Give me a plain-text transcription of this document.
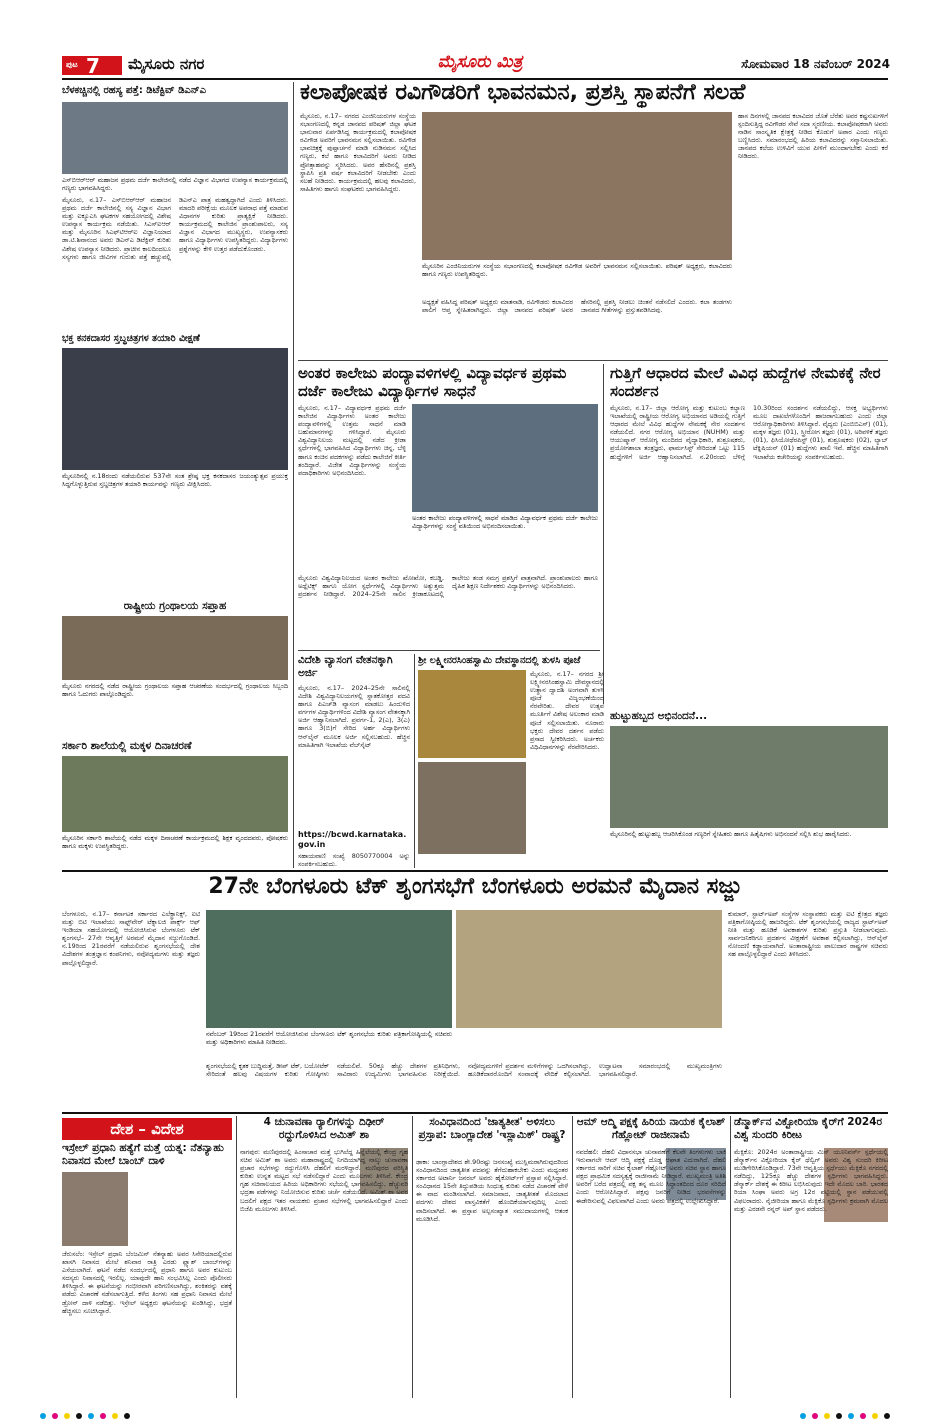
ಪುಟ 7 ಮೈಸೂರು ನಗರ	ಮೈಸೂರು ಮಿತ್ರ	ಸೋಮವಾರ 18 ನವೆಂಬರ್ 2024
ಬೆಳಕಚ್ಚಿನಲ್ಲಿ ರಹಸ್ಯ ಪತ್ತೆ: ಡಿಟೆಕ್ಟಿವ್ ಡಿಎನ್‌ಎ
ಎಸ್‌ಬಿಆರ್‌ಆರ್ ಮಹಾಜನ ಪ್ರಥಮ ದರ್ಜೆ ಕಾಲೇಜಿನಲ್ಲಿ ನಡೆದ ವಿಜ್ಞಾನ ವಿಭಾಗದ ಉಪನ್ಯಾಸ ಕಾರ್ಯಕ್ರಮದಲ್ಲಿ ಗಣ್ಯರು ಭಾಗವಹಿಸಿದ್ದರು.
ಮೈಸೂರು, ನ.17– ಎಸ್‌ಬಿಆರ್‌ಆರ್ ಮಹಾಜನ ಪ್ರಥಮ ದರ್ಜೆ ಕಾಲೇಜಿನಲ್ಲಿ ಸಸ್ಯ ವಿಜ್ಞಾನ ವಿಭಾಗ ಮತ್ತು ಐಕ್ಯೂಎಸಿ ಘಟಕಗಳ ಸಹಯೋಗದಲ್ಲಿ ವಿಶೇಷ ಉಪನ್ಯಾಸ ಕಾರ್ಯಕ್ರಮ ನಡೆಯಿತು. ಸಿಎಸ್‌ಐಆರ್ ಮತ್ತು ಮೈಸೂರಿನ ಸಿಎಫ್‌ಟಿಆರ್‌ಐ ವಿಜ್ಞಾನಿಯಾದ ಡಾ.ಟಿ.ಶಿವಾನಂದ ಅವರು ಡಿಎನ್‌ಎ ಡಿಟೆಕ್ಟಿವ್ ಕುರಿತು ವಿಶೇಷ ಉಪನ್ಯಾಸ ನೀಡಿದರು. ಪ್ರಾಚೀನ ಕಾಲದಿಂದಲೂ ಸಸ್ಯಗಳು ಹಾಗೂ ಜೀವಿಗಳ ಗುರುತು ಪತ್ತೆ ಹಚ್ಚುವಲ್ಲಿ ಡಿಎನ್‌ಎ ಪಾತ್ರ ಮಹತ್ವದ್ದಾಗಿದೆ ಎಂದು ತಿಳಿಸಿದರು. ಮಾದರಿ ಪರೀಕ್ಷೆಯ ಮೂಲಕ ಅಪರಾಧ ಪತ್ತೆ ಮಾಡುವ ವಿಧಾನಗಳ ಕುರಿತು ಪ್ರಾತ್ಯಕ್ಷಿಕೆ ನೀಡಿದರು. ಕಾರ್ಯಕ್ರಮದಲ್ಲಿ ಕಾಲೇಜಿನ ಪ್ರಾಂಶುಪಾಲರು, ಸಸ್ಯ ವಿಜ್ಞಾನ ವಿಭಾಗದ ಮುಖ್ಯಸ್ಥರು, ಉಪನ್ಯಾಸಕರು ಹಾಗೂ ವಿದ್ಯಾರ್ಥಿಗಳು ಉಪಸ್ಥಿತರಿದ್ದರು. ವಿದ್ಯಾರ್ಥಿಗಳು ಪ್ರಶ್ನೆಗಳನ್ನು ಕೇಳಿ ಉತ್ತರ ಪಡೆದುಕೊಂಡರು.
ಭಕ್ತ ಕನಕದಾಸರ ಸ್ತಬ್ಧಚಿತ್ರಗಳ ತಯಾರಿ ವೀಕ್ಷಣೆ
ಮೈಸೂರಿನಲ್ಲಿ ನ.18ರಂದು ನಡೆಯಲಿರುವ 537ನೇ ಸಂತ ಶ್ರೇಷ್ಠ ಭಕ್ತ ಕನಕದಾಸರ ಜಯಂತ್ಯುತ್ಸವ ಪ್ರಯುಕ್ತ ಸಿದ್ಧಗೊಳ್ಳುತ್ತಿರುವ ಸ್ತಬ್ಧಚಿತ್ರಗಳ ತಯಾರಿ ಕಾರ್ಯವನ್ನು ಗಣ್ಯರು ವೀಕ್ಷಿಸಿದರು.
ರಾಷ್ಟ್ರೀಯ ಗ್ರಂಥಾಲಯ ಸಪ್ತಾಹ
ಮೈಸೂರು ನಗರದಲ್ಲಿ ನಡೆದ ರಾಷ್ಟ್ರೀಯ ಗ್ರಂಥಾಲಯ ಸಪ್ತಾಹ ಆಚರಣೆಯ ಸಂದರ್ಭದಲ್ಲಿ ಗ್ರಂಥಾಲಯ ಸಿಬ್ಬಂದಿ ಹಾಗೂ ಓದುಗರು ಪಾಲ್ಗೊಂಡಿದ್ದರು.
ಸರ್ಕಾರಿ ಶಾಲೆಯಲ್ಲಿ ಮಕ್ಕಳ ದಿನಾಚರಣೆ
ಮೈಸೂರಿನ ಸರ್ಕಾರಿ ಶಾಲೆಯಲ್ಲಿ ನಡೆದ ಮಕ್ಕಳ ದಿನಾಚರಣೆ ಕಾರ್ಯಕ್ರಮದಲ್ಲಿ ಶಿಕ್ಷಕ ವೃಂದದವರು, ಪೋಷಕರು ಹಾಗೂ ಮಕ್ಕಳು ಉಪಸ್ಥಿತರಿದ್ದರು.
ಕಲಾಪೋಷಕ ರವಿಗೌಡರಿಗೆ ಭಾವನಮನ, ಪ್ರಶಸ್ತಿ ಸ್ಥಾಪನೆಗೆ ಸಲಹೆ
ಮೈಸೂರು, ನ.17– ನಗರದ ಎಂಜಿನಿಯರುಗಳ ಸಂಸ್ಥೆಯ ಸಭಾಂಗಣದಲ್ಲಿ ಕನ್ನಡ ಜಾನಪದ ಪರಿಷತ್ ಜಿಲ್ಲಾ ಘಟಕ ಭಾನುವಾರ ಏರ್ಪಡಿಸಿದ್ದ ಕಾರ್ಯಕ್ರಮದಲ್ಲಿ ಕಲಾಪೋಷಕ ರವಿಗೌಡ ಅವರಿಗೆ ಭಾವನಮನ ಸಲ್ಲಿಸಲಾಯಿತು. ರವಿಗೌಡ ಭಾವಚಿತ್ರಕ್ಕೆ ಪುಷ್ಪಾರ್ಚನೆ ಮಾಡಿ ನುಡಿನಮನ ಸಲ್ಲಿಸಿದ ಗಣ್ಯರು, ಕಲೆ ಹಾಗೂ ಕಲಾವಿದರಿಗೆ ಅವರು ನೀಡಿದ ಪ್ರೋತ್ಸಾಹವನ್ನು ಸ್ಮರಿಸಿದರು. ಅವರ ಹೆಸರಿನಲ್ಲಿ ಪ್ರಶಸ್ತಿ ಸ್ಥಾಪಿಸಿ ಪ್ರತಿ ವರ್ಷ ಕಲಾವಿದರಿಗೆ ನೀಡಬೇಕು ಎಂದು ಸಲಹೆ ನೀಡಿದರು. ಕಾರ್ಯಕ್ರಮದಲ್ಲಿ ಹಲವು ಕಲಾವಿದರು, ಸಾಹಿತಿಗಳು ಹಾಗೂ ಸಂಘಟಕರು ಭಾಗವಹಿಸಿದ್ದರು.
ಮೈಸೂರಿನ ಎಂಜಿನಿಯರುಗಳ ಸಂಸ್ಥೆಯ ಸಭಾಂಗಣದಲ್ಲಿ ಕಲಾಪೋಷಕ ರವಿಗೌಡ ಅವರಿಗೆ ಭಾವನಮನ ಸಲ್ಲಿಸಲಾಯಿತು. ಪರಿಷತ್ ಅಧ್ಯಕ್ಷರು, ಕಲಾವಿದರು ಹಾಗೂ ಗಣ್ಯರು ಉಪಸ್ಥಿತರಿದ್ದರು.
ಅಧ್ಯಕ್ಷತೆ ವಹಿಸಿದ್ದ ಪರಿಷತ್ ಅಧ್ಯಕ್ಷರು ಮಾತನಾಡಿ, ರವಿಗೌಡರು ಕಲಾವಿದರ ಪಾಲಿಗೆ ಆಪ್ತ ಸ್ನೇಹಿತರಾಗಿದ್ದರು. ಜಿಲ್ಲಾ ಜಾನಪದ ಪರಿಷತ್ ಅವರ ಹೆಸರಿನಲ್ಲಿ ಪ್ರಶಸ್ತಿ ನೀಡಲು ಚಿಂತನೆ ನಡೆಸಲಿದೆ ಎಂದರು. ಕಲಾ ತಂಡಗಳು ಜಾನಪದ ಗೀತೆಗಳನ್ನು ಪ್ರಸ್ತುತಪಡಿಸಿದವು.
ಹಾಸ ದಿನಗಳಲ್ಲಿ ಜಾನಪದ ಕಲಾವಿದರ ಜೊತೆ ಬೆರೆತು ಅವರ ಕಷ್ಟಸುಖಗಳಿಗೆ ಸ್ಪಂದಿಸುತ್ತಿದ್ದ ರವಿಗೌಡರ ಸೇವೆ ಸದಾ ಸ್ಮರಣೀಯ. ಕಲಾಪೋಷಕರಾಗಿ ಅವರು ನಾಡಿನ ಸಾಂಸ್ಕೃತಿಕ ಕ್ಷೇತ್ರಕ್ಕೆ ನೀಡಿದ ಕೊಡುಗೆ ಅಪಾರ ಎಂದು ಗಣ್ಯರು ಬಣ್ಣಿಸಿದರು. ಸಮಾರಂಭದಲ್ಲಿ ಹಿರಿಯ ಕಲಾವಿದರನ್ನು ಸನ್ಮಾನಿಸಲಾಯಿತು. ಜಾನಪದ ಕಲೆಯ ಉಳಿವಿಗೆ ಯುವ ಪೀಳಿಗೆ ಮುಂದಾಗಬೇಕು ಎಂದು ಕರೆ ನೀಡಿದರು.
ಅಂತರ ಕಾಲೇಜು ಪಂದ್ಯಾವಳಿಗಳಲ್ಲಿ ವಿದ್ಯಾವರ್ಧಕ ಪ್ರಥಮ ದರ್ಜೆ ಕಾಲೇಜು ವಿದ್ಯಾರ್ಥಿಗಳ ಸಾಧನೆ
ಮೈಸೂರು, ನ.17– ವಿದ್ಯಾವರ್ಧಕ ಪ್ರಥಮ ದರ್ಜೆ ಕಾಲೇಜಿನ ವಿದ್ಯಾರ್ಥಿಗಳು ಅಂತರ ಕಾಲೇಜು ಪಂದ್ಯಾವಳಿಗಳಲ್ಲಿ ಉತ್ತಮ ಸಾಧನೆ ಮಾಡಿ ಬಹುಮಾನಗಳನ್ನು ಗಳಿಸಿದ್ದಾರೆ. ಮೈಸೂರು ವಿಶ್ವವಿದ್ಯಾನಿಲಯ ಮಟ್ಟದಲ್ಲಿ ನಡೆದ ಕ್ರೀಡಾ ಸ್ಪರ್ಧೆಗಳಲ್ಲಿ ಭಾಗವಹಿಸಿದ ವಿದ್ಯಾರ್ಥಿಗಳು ಚಿನ್ನ, ಬೆಳ್ಳಿ ಹಾಗೂ ಕಂಚಿನ ಪದಕಗಳನ್ನು ಪಡೆದು ಕಾಲೇಜಿಗೆ ಕೀರ್ತಿ ತಂದಿದ್ದಾರೆ. ವಿಜೇತ ವಿದ್ಯಾರ್ಥಿಗಳನ್ನು ಸಂಸ್ಥೆಯ ಪದಾಧಿಕಾರಿಗಳು ಅಭಿನಂದಿಸಿದರು.
ಅಂತರ ಕಾಲೇಜು ಪಂದ್ಯಾವಳಿಗಳಲ್ಲಿ ಸಾಧನೆ ಮಾಡಿದ ವಿದ್ಯಾವರ್ಧಕ ಪ್ರಥಮ ದರ್ಜೆ ಕಾಲೇಜು ವಿದ್ಯಾರ್ಥಿಗಳನ್ನು ಸಂಸ್ಥೆ ವತಿಯಿಂದ ಅಭಿನಂದಿಸಲಾಯಿತು.
ಮೈಸೂರು ವಿಶ್ವವಿದ್ಯಾನಿಲಯದ ಅಂತರ ಕಾಲೇಜು ಖೋಖೋ, ಕಬಡ್ಡಿ, ಅಥ್ಲೆಟಿಕ್ಸ್ ಹಾಗೂ ಯೋಗ ಸ್ಪರ್ಧೆಗಳಲ್ಲಿ ವಿದ್ಯಾರ್ಥಿಗಳು ಅತ್ಯುತ್ತಮ ಪ್ರದರ್ಶನ ನೀಡಿದ್ದಾರೆ. 2024–25ನೇ ಸಾಲಿನ ಕ್ರೀಡಾಕೂಟದಲ್ಲಿ ಕಾಲೇಜು ತಂಡ ಸಮಗ್ರ ಪ್ರಶಸ್ತಿಗೆ ಪಾತ್ರವಾಗಿದೆ. ಪ್ರಾಂಶುಪಾಲರು ಹಾಗೂ ದೈಹಿಕ ಶಿಕ್ಷಣ ನಿರ್ದೇಶಕರು ವಿದ್ಯಾರ್ಥಿಗಳನ್ನು ಅಭಿನಂದಿಸಿದರು.
ಗುತ್ತಿಗೆ ಆಧಾರದ ಮೇಲೆ ವಿವಿಧ ಹುದ್ದೆಗಳ ನೇಮಕಕ್ಕೆ ನೇರ ಸಂದರ್ಶನ
ಮೈಸೂರು, ನ.17– ಜಿಲ್ಲಾ ಆರೋಗ್ಯ ಮತ್ತು ಕುಟುಂಬ ಕಲ್ಯಾಣ ಇಲಾಖೆಯಲ್ಲಿ ರಾಷ್ಟ್ರೀಯ ಆರೋಗ್ಯ ಅಭಿಯಾನದ ಅಡಿಯಲ್ಲಿ ಗುತ್ತಿಗೆ ಆಧಾರದ ಮೇಲೆ ವಿವಿಧ ಹುದ್ದೆಗಳ ನೇಮಕಕ್ಕೆ ನೇರ ಸಂದರ್ಶನ ನಡೆಯಲಿದೆ. ನಗರ ಆರೋಗ್ಯ ಅಭಿಯಾನ (NUHM) ಮತ್ತು ಆಯುಷ್ಮಾನ್ ಆರೋಗ್ಯ ಮಂದಿರದ ವೈದ್ಯಾಧಿಕಾರಿ, ಶುಶ್ರೂಷಕರು, ಪ್ರಯೋಗಶಾಲಾ ತಂತ್ರಜ್ಞರು, ಫಾರ್ಮಸಿಸ್ಟ್ ಸೇರಿದಂತೆ ಒಟ್ಟು 115 ಹುದ್ದೆಗಳಿಗೆ ಅರ್ಜಿ ಆಹ್ವಾನಿಸಲಾಗಿದೆ. ನ.20ರಂದು ಬೆಳಿಗ್ಗೆ 10.30ರಿಂದ ಸಂದರ್ಶನ ನಡೆಯಲಿದ್ದು, ಆಸಕ್ತ ಅಭ್ಯರ್ಥಿಗಳು ಮೂಲ ದಾಖಲೆಗಳೊಂದಿಗೆ ಹಾಜರಾಗಬಹುದು ಎಂದು ಜಿಲ್ಲಾ ಆರೋಗ್ಯಾಧಿಕಾರಿಗಳು ತಿಳಿಸಿದ್ದಾರೆ. ವೈದ್ಯರು (ಎಂಬಿಬಿಎಸ್) (01), ಮಕ್ಕಳ ತಜ್ಞರು (01), ಸ್ತ್ರೀರೋಗ ತಜ್ಞರು (01), ಅರಿವಳಿಕೆ ತಜ್ಞರು (01), ಫಿಸಿಯೋಥೆರಪಿಸ್ಟ್ (01), ಶುಶ್ರೂಷಕರು (02), ಲ್ಯಾಬ್ ಟೆಕ್ನಿಷಿಯನ್ (01) ಹುದ್ದೆಗಳು ಖಾಲಿ ಇವೆ. ಹೆಚ್ಚಿನ ಮಾಹಿತಿಗಾಗಿ ಇಲಾಖೆಯ ಕಚೇರಿಯನ್ನು ಸಂಪರ್ಕಿಸಬಹುದು.
ವಿದೇಶಿ ವ್ಯಾಸಂಗ ವೇತನಕ್ಕಾಗಿ ಅರ್ಜಿ
ಮೈಸೂರು, ನ.17– 2024–25ನೇ ಸಾಲಿನಲ್ಲಿ ವಿದೇಶಿ ವಿಶ್ವವಿದ್ಯಾನಿಲಯಗಳಲ್ಲಿ ಸ್ನಾತಕೋತ್ತರ ಪದವಿ ಹಾಗೂ ಪಿಎಚ್‌ಡಿ ವ್ಯಾಸಂಗ ಮಾಡಲು ಹಿಂದುಳಿದ ವರ್ಗಗಳ ವಿದ್ಯಾರ್ಥಿಗಳಿಂದ ವಿದೇಶಿ ವ್ಯಾಸಂಗ ವೇತನಕ್ಕಾಗಿ ಅರ್ಜಿ ಆಹ್ವಾನಿಸಲಾಗಿದೆ. ಪ್ರವರ್ಗ-1, 2(ಎ), 3(ಎ) ಹಾಗೂ 3(ಬಿ)ಗೆ ಸೇರಿದ ಅರ್ಹ ವಿದ್ಯಾರ್ಥಿಗಳು ಆನ್‌ಲೈನ್ ಮೂಲಕ ಅರ್ಜಿ ಸಲ್ಲಿಸಬಹುದು. ಹೆಚ್ಚಿನ ಮಾಹಿತಿಗಾಗಿ ಇಲಾಖೆಯ ವೆಬ್‌ಸೈಟ್
https://bcwd.karnataka.gov.in
ಸಹಾಯವಾಣಿ ಸಂಖ್ಯೆ 8050770004 ಅನ್ನು ಸಂಪರ್ಕಿಸಬಹುದು.
ಶ್ರೀ ಲಕ್ಷ್ಮೀನರಸಿಂಹಸ್ವಾಮಿ ದೇವಸ್ಥಾನದಲ್ಲಿ ತುಳಸಿ ಪೂಜೆ
ಮೈಸೂರು, ನ.17– ನಗರದ ಶ್ರೀ ಲಕ್ಷ್ಮೀನರಸಿಂಹಸ್ವಾಮಿ ದೇವಸ್ಥಾನದಲ್ಲಿ ಉತ್ಥಾನ ದ್ವಾದಶಿ ಅಂಗವಾಗಿ ತುಳಸಿ ಪೂಜೆ ವಿಜೃಂಭಣೆಯಿಂದ ನೆರವೇರಿತು. ದೇವರ ಉತ್ಸವ ಮೂರ್ತಿಗೆ ವಿಶೇಷ ಅಲಂಕಾರ ಮಾಡಿ ಪೂಜೆ ಸಲ್ಲಿಸಲಾಯಿತು. ನೂರಾರು ಭಕ್ತರು ದೇವರ ದರ್ಶನ ಪಡೆದು ಪ್ರಸಾದ ಸ್ವೀಕರಿಸಿದರು. ಅರ್ಚಕರು ವಿಧಿವಿಧಾನಗಳನ್ನು ನೆರವೇರಿಸಿದರು.
ಹುಟ್ಟುಹಬ್ಬದ ಅಭಿನಂದನೆ...
ಮೈಸೂರಿನಲ್ಲಿ ಹುಟ್ಟುಹಬ್ಬ ಆಚರಿಸಿಕೊಂಡ ಗಣ್ಯರಿಗೆ ಸ್ನೇಹಿತರು ಹಾಗೂ ಹಿತೈಷಿಗಳು ಅಭಿನಂದನೆ ಸಲ್ಲಿಸಿ ಶುಭ ಹಾರೈಸಿದರು.
27ನೇ ಬೆಂಗಳೂರು ಟೆಕ್ ಶೃಂಗಸಭೆಗೆ ಬೆಂಗಳೂರು ಅರಮನೆ ಮೈದಾನ ಸಜ್ಜು
ಬೆಂಗಳೂರು, ನ.17– ಕರ್ನಾಟಕ ಸರ್ಕಾರದ ಎಲೆಕ್ಟ್ರಾನಿಕ್ಸ್, ಐಟಿ ಮತ್ತು ಬಿಟಿ ಇಲಾಖೆಯು ಸಾಫ್ಟ್‌ವೇರ್ ಟೆಕ್ನಾಲಜಿ ಪಾರ್ಕ್ಸ್ ಆಫ್ ಇಂಡಿಯಾ ಸಹಯೋಗದಲ್ಲಿ ಆಯೋಜಿಸಿರುವ ಬೆಂಗಳೂರು ಟೆಕ್ ಶೃಂಗಸಭೆ– 27ನೇ ಆವೃತ್ತಿಗೆ ಅರಮನೆ ಮೈದಾನ ಸಜ್ಜುಗೊಂಡಿದೆ. ನ.19ರಿಂದ 21ರವರೆಗೆ ನಡೆಯಲಿರುವ ಶೃಂಗಸಭೆಯಲ್ಲಿ ದೇಶ ವಿದೇಶಗಳ ತಂತ್ರಜ್ಞಾನ ಕಂಪನಿಗಳು, ನವೋದ್ಯಮಗಳು ಮತ್ತು ತಜ್ಞರು ಪಾಲ್ಗೊಳ್ಳಲಿದ್ದಾರೆ.
ನವೆಂಬರ್ 19ರಿಂದ 21ರವರೆಗೆ ಆಯೋಜಿಸಿರುವ ಬೆಂಗಳೂರು ಟೆಕ್ ಶೃಂಗಸಭೆಯ ಕುರಿತು ಪತ್ರಿಕಾಗೋಷ್ಠಿಯಲ್ಲಿ ಸಚಿವರು ಮತ್ತು ಅಧಿಕಾರಿಗಳು ಮಾಹಿತಿ ನೀಡಿದರು.
ಶೃಂಗಸಭೆಯಲ್ಲಿ ಕೃತಕ ಬುದ್ಧಿಮತ್ತೆ, ಡೀಪ್ ಟೆಕ್, ಬಯೋಟೆಕ್ ಸೇರಿದಂತೆ ಹಲವು ವಿಷಯಗಳ ಕುರಿತು ಗೋಷ್ಠಿಗಳು ನಡೆಯಲಿವೆ. 50ಕ್ಕೂ ಹೆಚ್ಚು ದೇಶಗಳ ಪ್ರತಿನಿಧಿಗಳು, ಸಾವಿರಾರು ಉದ್ಯಮಿಗಳು ಭಾಗವಹಿಸುವ ನಿರೀಕ್ಷೆಯಿದೆ. ನವೋದ್ಯಮಗಳಿಗೆ ಪ್ರದರ್ಶನ ಮಳಿಗೆಗಳನ್ನು ಒದಗಿಸಲಾಗಿದ್ದು, ಹೂಡಿಕೆದಾರರೊಂದಿಗೆ ಸಂವಾದಕ್ಕೆ ವೇದಿಕೆ ಕಲ್ಪಿಸಲಾಗಿದೆ. ಉದ್ಘಾಟನಾ ಸಮಾರಂಭದಲ್ಲಿ ಮುಖ್ಯಮಂತ್ರಿಗಳು ಭಾಗವಹಿಸಲಿದ್ದಾರೆ.
ಕುಮಾರ್, ಸ್ಟಾರ್ಟ್‌ಅಪ್ ಸಂಸ್ಥೆಗಳ ಸಂಸ್ಥಾಪಕರು ಮತ್ತು ಐಟಿ ಕ್ಷೇತ್ರದ ತಜ್ಞರು ಪತ್ರಿಕಾಗೋಷ್ಠಿಯಲ್ಲಿ ಹಾಜರಿದ್ದರು. ಟೆಕ್ ಶೃಂಗಸಭೆಯಲ್ಲಿ ರಾಜ್ಯದ ಸ್ಟಾರ್ಟ್‌ಅಪ್ ನೀತಿ ಮತ್ತು ಹೂಡಿಕೆ ಅವಕಾಶಗಳ ಕುರಿತು ಪ್ರಸ್ತುತಿ ನೀಡಲಾಗುವುದು. ಸಾರ್ವಜನಿಕರಿಗೂ ಪ್ರದರ್ಶನ ವೀಕ್ಷಣೆಗೆ ಅವಕಾಶ ಕಲ್ಪಿಸಲಾಗಿದ್ದು, ಆನ್‌ಲೈನ್ ನೋಂದಣಿ ಕಡ್ಡಾಯವಾಗಿದೆ. ಅಂತಾರಾಷ್ಟ್ರೀಯ ಪಾಲುದಾರ ರಾಷ್ಟ್ರಗಳ ಸಚಿವರು ಸಹ ಪಾಲ್ಗೊಳ್ಳಲಿದ್ದಾರೆ ಎಂದು ತಿಳಿಸಿದರು.
ದೇಶ – ವಿದೇಶ
ಇಸ್ರೇಲ್ ಪ್ರಧಾನಿ ಹತ್ಯೆಗೆ ಮತ್ತೆ ಯತ್ನ: ನೆತನ್ಯಾಹು ನಿವಾಸದ ಮೇಲೆ ಬಾಂಬ್ ದಾಳಿ
ಜೆರುಸಲೆಂ: ಇಸ್ರೇಲ್ ಪ್ರಧಾನಿ ಬೆಂಜಮಿನ್ ನೆತನ್ಯಾಹು ಅವರ ಸಿಸೇರಿಯಾದಲ್ಲಿರುವ ಖಾಸಗಿ ನಿವಾಸದ ಮೇಲೆ ಶನಿವಾರ ರಾತ್ರಿ ಎರಡು ಫ್ಲ್ಯಾಶ್ ಬಾಂಬ್‌ಗಳನ್ನು ಎಸೆಯಲಾಗಿದೆ. ಘಟನೆ ನಡೆದ ಸಂದರ್ಭದಲ್ಲಿ ಪ್ರಧಾನಿ ಹಾಗೂ ಅವರ ಕುಟುಂಬ ಸದಸ್ಯರು ನಿವಾಸದಲ್ಲಿ ಇರಲಿಲ್ಲ. ಯಾವುದೇ ಹಾನಿ ಸಂಭವಿಸಿಲ್ಲ ಎಂದು ಪೊಲೀಸರು ತಿಳಿಸಿದ್ದಾರೆ. ಈ ಘಟನೆಯನ್ನು ಗಂಭೀರವಾಗಿ ಪರಿಗಣಿಸಲಾಗಿದ್ದು, ಶಂಕಿತರನ್ನು ವಶಕ್ಕೆ ಪಡೆದು ವಿಚಾರಣೆ ನಡೆಸಲಾಗುತ್ತಿದೆ. ಕಳೆದ ತಿಂಗಳು ಸಹ ಪ್ರಧಾನಿ ನಿವಾಸದ ಮೇಲೆ ಡ್ರೋನ್ ದಾಳಿ ನಡೆದಿತ್ತು. ಇಸ್ರೇಲ್ ಅಧ್ಯಕ್ಷರು ಘಟನೆಯನ್ನು ಖಂಡಿಸಿದ್ದು, ಭದ್ರತೆ ಹೆಚ್ಚಿಸಲು ಸೂಚಿಸಿದ್ದಾರೆ.
4 ಚುನಾವಣಾ ರ‍್ಯಾಲಿಗಳನ್ನು ದಿಢೀರ್ ರದ್ದುಗೊಳಿಸಿದ ಅಮಿತ್ ಶಾ
ನಾಗಪುರ: ಮಣಿಪುರದಲ್ಲಿ ಹಿಂಸಾಚಾರ ಮತ್ತೆ ಭುಗಿಲೆದ್ದ ಹಿನ್ನೆಲೆಯಲ್ಲಿ ಕೇಂದ್ರ ಗೃಹ ಸಚಿವ ಅಮಿತ್ ಶಾ ಅವರು ಮಹಾರಾಷ್ಟ್ರದಲ್ಲಿ ನಿಗದಿಯಾಗಿದ್ದ ನಾಲ್ಕು ಚುನಾವಣಾ ಪ್ರಚಾರ ಸಭೆಗಳನ್ನು ರದ್ದುಗೊಳಿಸಿ ದೆಹಲಿಗೆ ಮರಳಿದ್ದಾರೆ. ಮಣಿಪುರದ ಪರಿಸ್ಥಿತಿ ಕುರಿತು ಉನ್ನತ ಮಟ್ಟದ ಸಭೆ ನಡೆಸಲಿದ್ದಾರೆ ಎಂದು ಮೂಲಗಳು ತಿಳಿಸಿವೆ. ಕೇಂದ್ರ ಗೃಹ ಸಚಿವಾಲಯದ ಹಿರಿಯ ಅಧಿಕಾರಿಗಳು ಸಭೆಯಲ್ಲಿ ಭಾಗವಹಿಸಲಿದ್ದು, ಹೆಚ್ಚುವರಿ ಭದ್ರತಾ ಪಡೆಗಳನ್ನು ನಿಯೋಜಿಸುವ ಕುರಿತು ಚರ್ಚೆ ನಡೆಯಲಿದೆ. ಅಮಿತ್ ಶಾ ಅವರ ಬದಲಿಗೆ ಪಕ್ಷದ ಇತರ ನಾಯಕರು ಪ್ರಚಾರ ಸಭೆಗಳಲ್ಲಿ ಭಾಗವಹಿಸಲಿದ್ದಾರೆ ಎಂದು ಬಿಜೆಪಿ ಮೂಲಗಳು ತಿಳಿಸಿವೆ.
ಸಂವಿಧಾನದಿಂದ 'ಜಾತ್ಯತೀತ' ಅಳಿಸಲು ಪ್ರಸ್ತಾಪ: ಬಾಂಗ್ಲಾದೇಶ 'ಇಸ್ಲಾಮಿಕ್' ರಾಷ್ಟ್ರ?
ಢಾಕಾ: ಬಾಂಗ್ಲಾದೇಶದ ಶೇ.90ರಷ್ಟು ಜನಸಂಖ್ಯೆ ಮುಸ್ಲಿಮರಾಗಿರುವುದರಿಂದ ಸಂವಿಧಾನದಿಂದ ಜಾತ್ಯತೀತ ಪದವನ್ನು ತೆಗೆದುಹಾಕಬೇಕು ಎಂದು ಮಧ್ಯಂತರ ಸರ್ಕಾರದ ಅಟಾರ್ನಿ ಜನರಲ್ ಅವರು ಹೈಕೋರ್ಟ್‌ಗೆ ಪ್ರಸ್ತಾಪ ಸಲ್ಲಿಸಿದ್ದಾರೆ. ಸಂವಿಧಾನದ 15ನೇ ತಿದ್ದುಪಡಿಯ ಸಿಂಧುತ್ವ ಕುರಿತು ನಡೆದ ವಿಚಾರಣೆ ವೇಳೆ ಈ ವಾದ ಮಂಡಿಸಲಾಗಿದೆ. ಸಮಾಜವಾದ, ಜಾತ್ಯತೀತತೆ ಮೊದಲಾದ ಪದಗಳು ದೇಶದ ವಾಸ್ತವಿಕತೆಗೆ ಹೊಂದಿಕೆಯಾಗುವುದಿಲ್ಲ ಎಂದು ವಾದಿಸಲಾಗಿದೆ. ಈ ಪ್ರಸ್ತಾಪ ಅಲ್ಪಸಂಖ್ಯಾತ ಸಮುದಾಯಗಳಲ್ಲಿ ಆತಂಕ ಮೂಡಿಸಿದೆ.
ಆಮ್ ಆದ್ಮಿ ಪಕ್ಷಕ್ಕೆ ಹಿರಿಯ ನಾಯಕ ಕೈಲಾಶ್ ಗೆಹ್ಲೋಟ್ ರಾಜೀನಾಮೆ
ನವದೆಹಲಿ: ದೆಹಲಿ ವಿಧಾನಸಭಾ ಚುನಾವಣೆಗೆ ಕೆಲವೇ ತಿಂಗಳುಗಳು ಬಾಕಿ ಇರುವಾಗಲೇ ಆಮ್ ಆದ್ಮಿ ಪಕ್ಷಕ್ಕೆ ದೊಡ್ಡ ಆಘಾತ ಎದುರಾಗಿದೆ. ದೆಹಲಿ ಸರ್ಕಾರದ ಸಾರಿಗೆ ಸಚಿವ ಕೈಲಾಶ್ ಗೆಹ್ಲೋಟ್ ಅವರು ಸಚಿವ ಸ್ಥಾನ ಹಾಗೂ ಪಕ್ಷದ ಪ್ರಾಥಮಿಕ ಸದಸ್ಯತ್ವಕ್ಕೆ ರಾಜೀನಾಮೆ ನೀಡಿದ್ದಾರೆ. ಮುಖ್ಯಮಂತ್ರಿ ಅತಿಶಿ ಅವರಿಗೆ ಬರೆದ ಪತ್ರದಲ್ಲಿ ಪಕ್ಷ ತನ್ನ ಮೂಲ ಸಿದ್ಧಾಂತದಿಂದ ದೂರ ಸರಿದಿದೆ ಎಂದು ಆರೋಪಿಸಿದ್ದಾರೆ. ಪಕ್ಷವು ಜನರಿಗೆ ನೀಡಿದ ಭರವಸೆಗಳನ್ನು ಈಡೇರಿಸುವಲ್ಲಿ ವಿಫಲವಾಗಿದೆ ಎಂದು ಅವರು ಪತ್ರದಲ್ಲಿ ಉಲ್ಲೇಖಿಸಿದ್ದಾರೆ.
ಡೆನ್ಮಾರ್ಕ್‌ನ ವಿಕ್ಟೋರಿಯಾ ಕೈರ್‌ಗೆ 2024ರ ವಿಶ್ವ ಸುಂದರಿ ಕಿರೀಟ
ಮೆಕ್ಸಿಕೊ: 2024ರ ಅಂತಾರಾಷ್ಟ್ರೀಯ ಮಿಸ್ ಯೂನಿವರ್ಸ್ ಸ್ಪರ್ಧೆಯಲ್ಲಿ ಡೆನ್ಮಾರ್ಕ್‌ನ ವಿಕ್ಟೋರಿಯಾ ಕೈರ್ ಥೆಲ್ವಿಗ್ ಅವರು ವಿಶ್ವ ಸುಂದರಿ ಕಿರೀಟ ಮುಡಿಗೇರಿಸಿಕೊಂಡಿದ್ದಾರೆ. 73ನೇ ಆವೃತ್ತಿಯ ಸ್ಪರ್ಧೆಯು ಮೆಕ್ಸಿಕೊ ನಗರದಲ್ಲಿ ನಡೆದಿದ್ದು, 125ಕ್ಕೂ ಹೆಚ್ಚು ದೇಶಗಳ ಸ್ಪರ್ಧಿಗಳು ಭಾಗವಹಿಸಿದ್ದರು. ಡೆನ್ಮಾರ್ಕ್ ದೇಶಕ್ಕೆ ಈ ಕಿರೀಟ ಲಭಿಸಿರುವುದು ಇದೇ ಮೊದಲ ಬಾರಿ. ಭಾರತದ ರಿಯಾ ಸಿಂಘಾ ಅವರು ಅಗ್ರ 12ರ ಪಟ್ಟಿಯಲ್ಲಿ ಸ್ಥಾನ ಪಡೆಯುವಲ್ಲಿ ವಿಫಲರಾದರು. ನೈಜೀರಿಯಾ ಹಾಗೂ ಮೆಕ್ಸಿಕೊ ಸ್ಪರ್ಧಿಗಳು ಕ್ರಮವಾಗಿ ಮೊದಲ ಮತ್ತು ಎರಡನೇ ರನ್ನರ್ ಅಪ್ ಸ್ಥಾನ ಪಡೆದರು.
